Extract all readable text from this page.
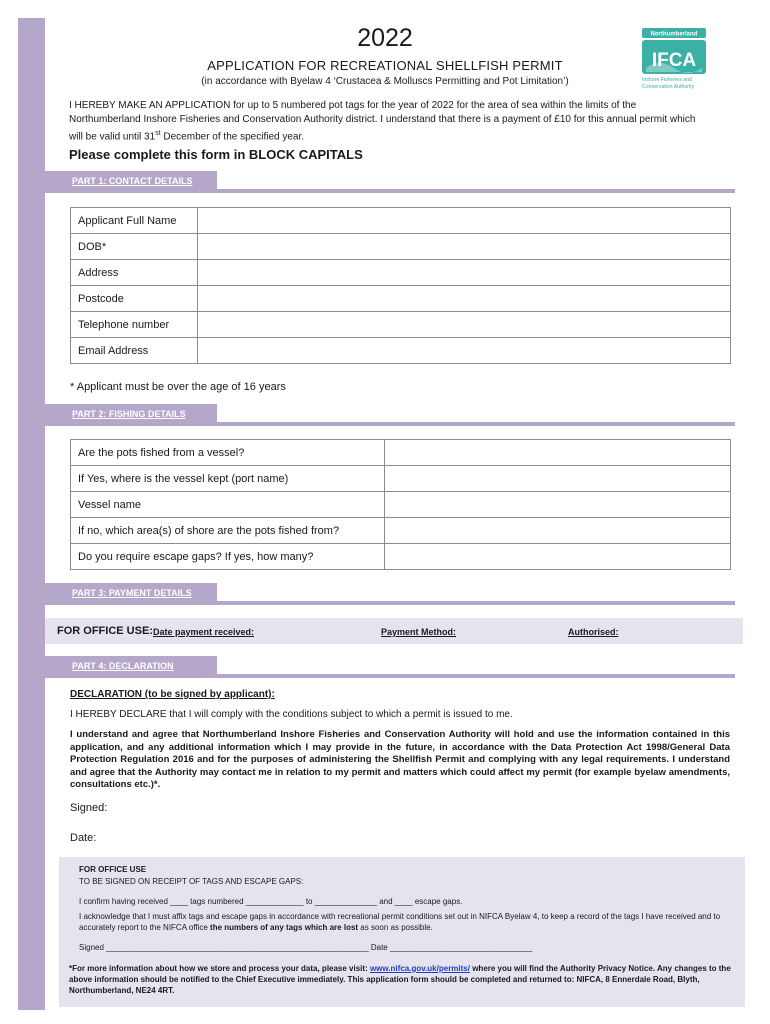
2022
APPLICATION FOR RECREATIONAL SHELLFISH PERMIT
(in accordance with Byelaw 4 ‘Crustacea & Molluscs Permitting and Pot Limitation’)
Northumberland
IFCA
Inshore Fisheries and
Conservation Authority
I HEREBY MAKE AN APPLICATION for up to 5 numbered pot tags for the year of 2022 for the area of sea within the limits of the Northumberland Inshore Fisheries and Conservation Authority district. I understand that there is a payment of £10 for this annual permit which will be valid until 31st December of the specified year.
Please complete this form in BLOCK CAPITALS
PART 1: CONTACT DETAILS
Applicant Full Name	
DOB*	
Address	
Postcode	
Telephone number	
Email Address	
* Applicant must be over the age of 16 years
PART 2: FISHING DETAILS
Are the pots fished from a vessel?	
If Yes, where is the vessel kept (port name)	
Vessel name	
If no, which area(s) of shore are the pots fished from?	
Do you require escape gaps? If yes, how many?	
PART 3: PAYMENT DETAILS
FOR OFFICE USE: Date payment received:	Payment Method:	Authorised:
PART 4: DECLARATION
DECLARATION (to be signed by applicant):
I HEREBY DECLARE that I will comply with the conditions subject to which a permit is issued to me.
I understand and agree that Northumberland Inshore Fisheries and Conservation Authority will hold and use the information contained in this application, and any additional information which I may provide in the future, in accordance with the Data Protection Act 1998/General Data Protection Regulation 2016 and for the purposes of administering the Shellfish Permit and complying with any legal requirements. I understand and agree that the Authority may contact me in relation to my permit and matters which could affect my permit (for example byelaw amendments, consultations etc.)*.
Signed:
Date:
FOR OFFICE USE
TO BE SIGNED ON RECEIPT OF TAGS AND ESCAPE GAPS:
I confirm having received ____ tags numbered _____________ to ______________ and ____ escape gaps.
I acknowledge that I must affix tags and escape gaps in accordance with recreational permit conditions set out in NIFCA Byelaw 4, to keep a record of the tags I have received and to accurately report to the NIFCA office the numbers of any tags which are lost as soon as possible.
Signed ___________________________________________________________ Date ________________________________
*For more information about how we store and process your data, please visit: www.nifca.gov.uk/permits/ where you will find the Authority Privacy Notice. Any changes to the above information should be notified to the Chief Executive immediately. This application form should be completed and returned to: NIFCA, 8 Ennerdale Road, Blyth, Northumberland, NE24 4RT.
